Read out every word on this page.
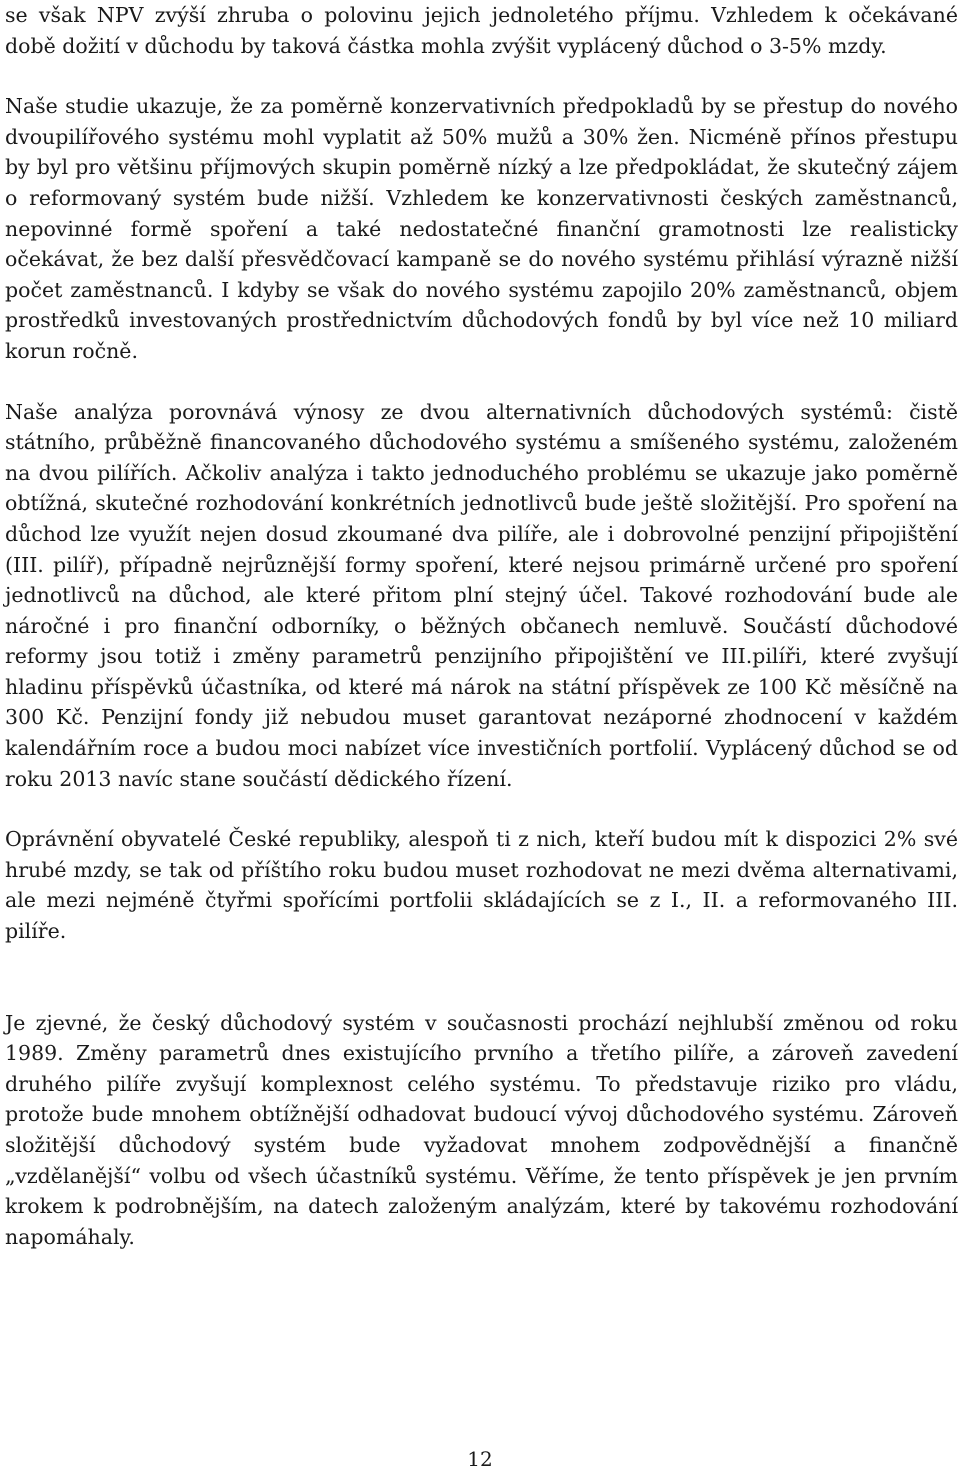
se však NPV zvýší zhruba o polovinu jejich jednoletého příjmu. Vzhledem k očekávané době dožití v důchodu by taková částka mohla zvýšit vyplácený důchod o 3-5% mzdy.

Naše studie ukazuje, že za poměrně konzervativních předpokladů by se přestup do nového dvoupilířového systému mohl vyplatit až 50% mužů a 30% žen. Nicméně přínos přestupu by byl pro většinu příjmových skupin poměrně nízký a lze předpokládat, že skutečný zájem o reformovaný systém bude nižší. Vzhledem ke konzervativnosti českých zaměstnanců, nepovinné formě spoření a také nedostatečné finanční gramotnosti lze realisticky očekávat, že bez další přesvědčovací kampaně se do nového systému přihlásí výrazně nižší počet zaměstnanců. I kdyby se však do nového systému zapojilo 20% zaměstnanců, objem prostředků investovaných prostřednictvím důchodových fondů by byl více než 10 miliard korun ročně.

Naše analýza porovnává výnosy ze dvou alternativních důchodových systémů: čistě státního, průběžně financovaného důchodového systému a smíšeného systému, založeném na dvou pilířích. Ačkoliv analýza i takto jednoduchého problému se ukazuje jako poměrně obtížná, skutečné rozhodování konkrétních jednotlivců bude ještě složitější. Pro spoření na důchod lze využít nejen dosud zkoumané dva pilíře, ale i dobrovolné penzijní připojištění (III. pilíř), případně nejrůznější formy spoření, které nejsou primárně určené pro spoření jednotlivců na důchod, ale které přitom plní stejný účel. Takové rozhodování bude ale náročné i pro finanční odborníky, o běžných občanech nemluvě. Součástí důchodové reformy jsou totiž i změny parametrů penzijního připojištění ve III.pilíři, které zvyšují hladinu příspěvků účastníka, od které má nárok na státní příspěvek ze 100 Kč měsíčně na 300 Kč. Penzijní fondy již nebudou muset garantovat nezáporné zhodnocení v každém kalendářním roce a budou moci nabízet více investičních portfolií. Vyplácený důchod se od roku 2013 navíc stane součástí dědického řízení.

Oprávnění obyvatelé České republiky, alespoň ti z nich, kteří budou mít k dispozici 2% své hrubé mzdy, se tak od příštího roku budou muset rozhodovat ne mezi dvěma alternativami, ale mezi nejméně čtyřmi spořícími portfolii skládajících se z I., II. a reformovaného III. pilíře.

Je zjevné, že český důchodový systém v současnosti prochází nejhlubší změnou od roku 1989. Změny parametrů dnes existujícího prvního a třetího pilíře, a zároveň zavedení druhého pilíře zvyšují komplexnost celého systému. To představuje riziko pro vládu, protože bude mnohem obtížnější odhadovat budoucí vývoj důchodového systému. Zároveň složitější důchodový systém bude vyžadovat mnohem zodpovědnější a finančně „vzdělanější“ volbu od všech účastníků systému. Věříme, že tento příspěvek je jen prvním krokem k podrobnějším, na datech založeným analýzám, které by takovému rozhodování napomáhaly.

12
